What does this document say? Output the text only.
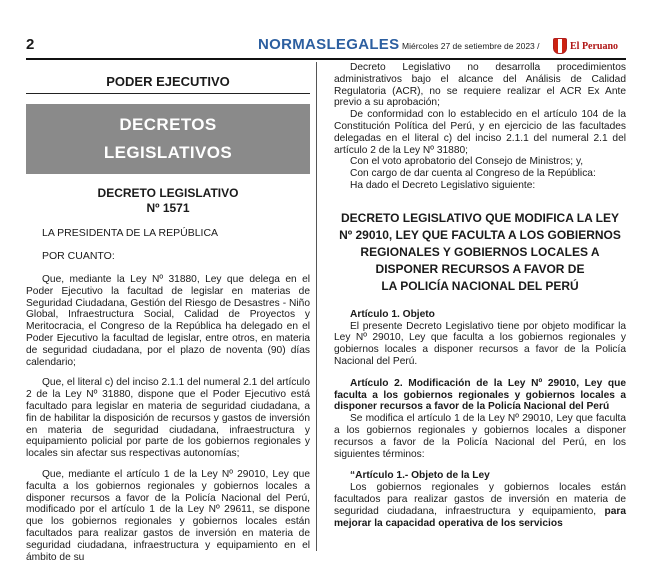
2	NORMASLEGALES Miércoles 27 de setiembre de 2023 /	El Peruano
PODER EJECUTIVO
DECRETOS
LEGISLATIVOS
DECRETO LEGISLATIVO
Nº 1571

LA PRESIDENTA DE LA REPÚBLICA

POR CUANTO:

Que, mediante la Ley Nº 31880, Ley que delega en el Poder Ejecutivo la facultad de legislar en materias de Seguridad Ciudadana, Gestión del Riesgo de Desastres - Niño Global, Infraestructura Social, Calidad de Proyectos y Meritocracia, el Congreso de la República ha delegado en el Poder Ejecutivo la facultad de legislar, entre otros, en materia de seguridad ciudadana, por el plazo de noventa (90) días calendario;

Que, el literal c) del inciso 2.1.1 del numeral 2.1 del artículo 2 de la Ley Nº 31880, dispone que el Poder Ejecutivo está facultado para legislar en materia de seguridad ciudadana, a fin de habilitar la disposición de recursos y gastos de inversión en materia de seguridad ciudadana, infraestructura y equipamiento policial por parte de los gobiernos regionales y locales sin afectar sus respectivas autonomías;

Que, mediante el artículo 1 de la Ley Nº 29010, Ley que faculta a los gobiernos regionales y gobiernos locales a disponer recursos a favor de la Policía Nacional del Perú, modificado por el artículo 1 de la Ley Nº 29611, se dispone que los gobiernos regionales y gobiernos locales están facultados para realizar gastos de inversión en materia de seguridad ciudadana, infraestructura y equipamiento en el ámbito de su

Decreto Legislativo no desarrolla procedimientos administrativos bajo el alcance del Análisis de Calidad Regulatoria (ACR), no se requiere realizar el ACR Ex Ante previo a su aprobación;

De conformidad con lo establecido en el artículo 104 de la Constitución Política del Perú, y en ejercicio de las facultades delegadas en el literal c) del inciso 2.1.1 del numeral 2.1 del artículo 2 de la Ley Nº 31880;

Con el voto aprobatorio del Consejo de Ministros; y,

Con cargo de dar cuenta al Congreso de la República:

Ha dado el Decreto Legislativo siguiente:

DECRETO LEGISLATIVO QUE MODIFICA LA LEY
Nº 29010, LEY QUE FACULTA A LOS GOBIERNOS
REGIONALES Y GOBIERNOS LOCALES A
DISPONER RECURSOS A FAVOR DE
LA POLICÍA NACIONAL DEL PERÚ

Artículo 1. Objeto

El presente Decreto Legislativo tiene por objeto modificar la Ley Nº 29010, Ley que faculta a los gobiernos regionales y gobiernos locales a disponer recursos a favor de la Policía Nacional del Perú.

Artículo 2. Modificación de la Ley Nº 29010, Ley que faculta a los gobiernos regionales y gobiernos locales a disponer recursos a favor de la Policía Nacional del Perú

Se modifica el artículo 1 de la Ley Nº 29010, Ley que faculta a los gobiernos regionales y gobiernos locales a disponer recursos a favor de la Policía Nacional del Perú, en los siguientes términos:

“Artículo 1.- Objeto de la Ley

Los gobiernos regionales y gobiernos locales están facultados para realizar gastos de inversión en materia de seguridad ciudadana, infraestructura y equipamiento, para mejorar la capacidad operativa de los servicios
